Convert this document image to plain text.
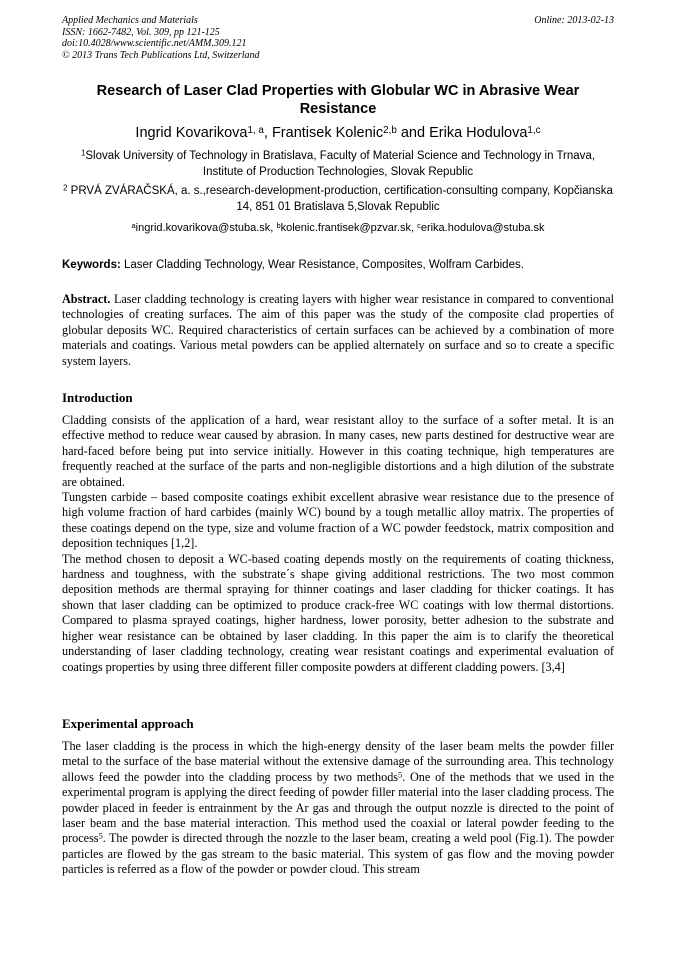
Applied Mechanics and Materials
ISSN: 1662-7482, Vol. 309, pp 121-125
doi:10.4028/www.scientific.net/AMM.309.121
© 2013 Trans Tech Publications Ltd, Switzerland
Online: 2013-02-13
Research of Laser Clad Properties with Globular WC in Abrasive Wear Resistance
Ingrid Kovarikova$^{1, a}$, Frantisek Kolenic$^{2,b}$ and Erika Hodulova$^{1,c}$
$^1$Slovak University of Technology in Bratislava, Faculty of Material Science and Technology in Trnava, Institute of Production Technologies, Slovak Republic
$^2$ PRVÁ ZVÁRAČSKÁ, a. s.,research-development-production, certification-consulting company, Kopčianska 14, 851 01 Bratislava 5,Slovak Republic
$^a$ingrid.kovarikova@stuba.sk, $^b$kolenic.frantisek@pzvar.sk, $^c$erika.hodulova@stuba.sk
Keywords: Laser Cladding Technology, Wear Resistance, Composites, Wolfram Carbides.

Abstract. Laser cladding technology is creating layers with higher wear resistance in compared to conventional technologies of creating surfaces. The aim of this paper was the study of the composite clad properties of globular deposits WC. Required characteristics of certain surfaces can be achieved by a combination of more materials and coatings. Various metal powders can be applied alternately on surface and so to create a specific system layers.

Introduction

Cladding consists of the application of a hard, wear resistant alloy to the surface of a softer metal. It is an effective method to reduce wear caused by abrasion. In many cases, new parts destined for destructive wear are hard-faced before being put into service initially. However in this coating technique, high temperatures are frequently reached at the surface of the parts and non-negligible distortions and a high dilution of the substrate are obtained.

Tungsten carbide – based composite coatings exhibit excellent abrasive wear resistance due to the presence of high volume fraction of hard carbides (mainly WC) bound by a tough metallic alloy matrix. The properties of these coatings depend on the type, size and volume fraction of a WC powder feedstock, matrix composition and deposition techniques [1,2].

The method chosen to deposit a WC-based coating depends mostly on the requirements of coating thickness, hardness and toughness, with the substrate´s shape giving additional restrictions. The two most common deposition methods are thermal spraying for thinner coatings and laser cladding for thicker coatings. It has shown that laser cladding can be optimized to produce crack-free WC coatings with low thermal distortions. Compared to plasma sprayed coatings, higher hardness, lower porosity, better adhesion to the substrate and higher wear resistance can be obtained by laser cladding. In this paper the aim is to clarify the theoretical understanding of laser cladding technology, creating wear resistant coatings and experimental evaluation of coatings properties by using three different filler composite powders at different cladding powers. [3,4]

Experimental approach

The laser cladding is the process in which the high-energy density of the laser beam melts the powder filler metal to the surface of the base material without the extensive damage of the surrounding area. This technology allows feed the powder into the cladding process by two methods$^5$. One of the methods that we used in the experimental program is applying the direct feeding of powder filler material into the laser cladding process. The powder placed in feeder is entrainment by the Ar gas and through the output nozzle is directed to the point of laser beam and the base material interaction. This method used the coaxial or lateral powder feeding to the process$^5$. The powder is directed through the nozzle to the laser beam, creating a weld pool (Fig.1). The powder particles are flowed by the gas stream to the basic material. This system of gas flow and the moving powder particles is referred as a flow of the powder or powder cloud. This stream
